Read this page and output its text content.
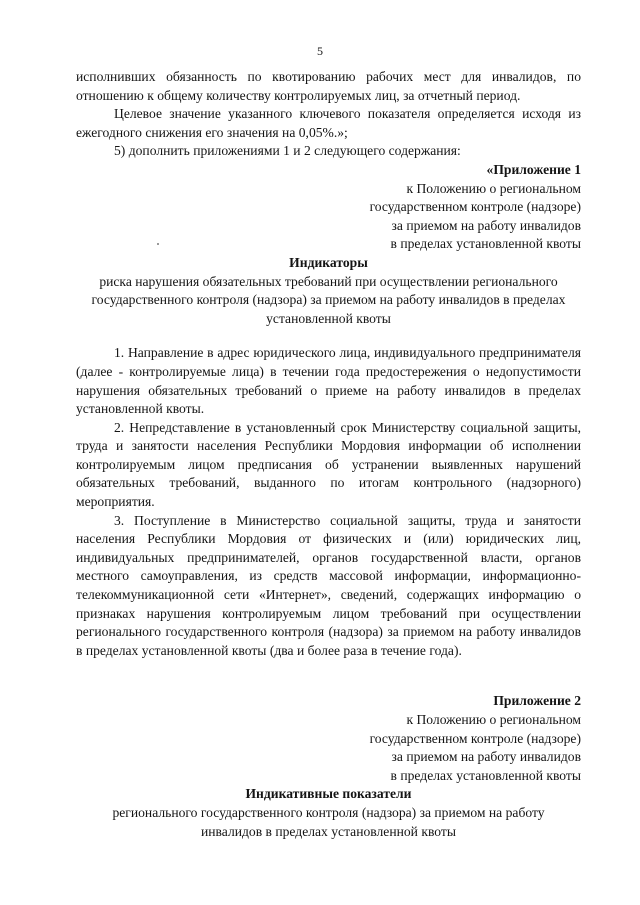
5

исполнивших обязанность по квотированию рабочих мест для инвалидов, по отношению к общему количеству контролируемых лиц, за отчетный период.

Целевое значение указанного ключевого показателя определяется исходя из ежегодного снижения его значения на 0,05%.»;

5) дополнить приложениями 1 и 2 следующего содержания:

«Приложение 1

к Положению о региональном

государственном контроле (надзоре)

за приемом на работу инвалидов

в пределах установленной квоты

Индикаторы

риска нарушения обязательных требований при осуществлении регионального государственного контроля (надзора) за приемом на работу инвалидов в пределах установленной квоты

1. Направление в адрес юридического лица, индивидуального предпринимателя (далее - контролируемые лица) в течении года предостережения о недопустимости нарушения обязательных требований о приеме на работу инвалидов в пределах установленной квоты.

2. Непредставление в установленный срок Министерству социальной защиты, труда и занятости населения Республики Мордовия информации об исполнении контролируемым лицом предписания об устранении выявленных нарушений обязательных требований, выданного по итогам контрольного (надзорного) мероприятия.

3. Поступление в Министерство социальной защиты, труда и занятости населения Республики Мордовия от физических и (или) юридических лиц, индивидуальных предпринимателей, органов государственной власти, органов местного самоуправления, из средств массовой информации, информационно-телекоммуникационной сети «Интернет», сведений, содержащих информацию о признаках нарушения контролируемым лицом требований при осуществлении регионального государственного контроля (надзора) за приемом на работу инвалидов в пределах установленной квоты (два и более раза в течение года).

Приложение 2

к Положению о региональном

государственном контроле (надзоре)

за приемом на работу инвалидов

в пределах установленной квоты

Индикативные показатели

регионального государственного контроля (надзора) за приемом на работу инвалидов в пределах установленной квоты
